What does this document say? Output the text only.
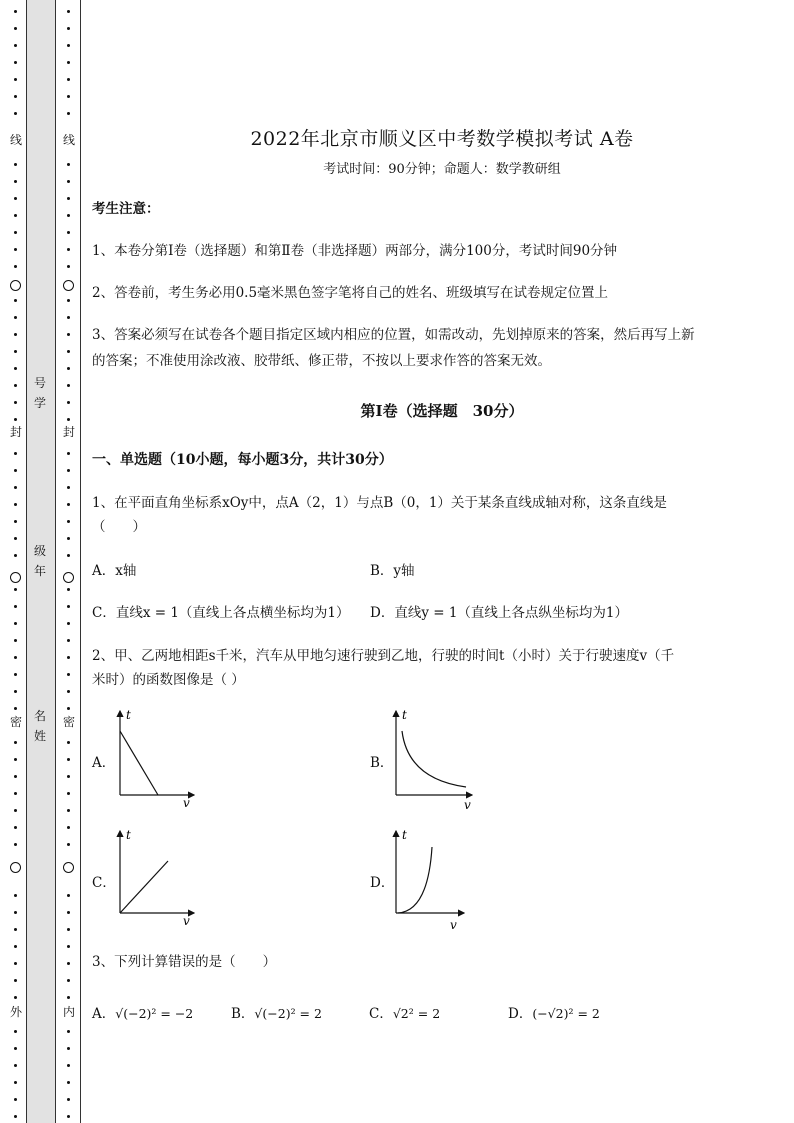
线
封
密
外
线
封
密
内
号
学
级
年
名
姓
2022年北京市顺义区中考数学模拟考试 A卷
考试时间：90分钟；命题人：数学教研组
考生注意：
1、本卷分第I卷（选择题）和第Ⅱ卷（非选择题）两部分，满分100分，考试时间90分钟
2、答卷前，考生务必用0.5毫米黑色签字笔将自己的姓名、班级填写在试卷规定位置上
3、答案必须写在试卷各个题目指定区域内相应的位置，如需改动，先划掉原来的答案，然后再写上新
的答案；不准使用涂改液、胶带纸、修正带，不按以上要求作答的答案无效。
第I卷（选择题　30分）
一、单选题（10小题，每小题3分，共计30分）
1、在平面直角坐标系xOy中，点A（2，1）与点B（0，1）关于某条直线成轴对称，这条直线是
（　　）
A．x轴	B．y轴
C．直线x = 1（直线上各点横坐标均为1） D．直线y = 1（直线上各点纵坐标均为1）
2、甲、乙两地相距s千米，汽车从甲地匀速行驶到乙地，行驶的时间t（小时）关于行驶速度v（千
米时）的函数图像是（ ）
A．	B．
C．	D．
t
v
t
v
t
v
t
v
3、下列计算错误的是（　　）
A．√(−2)² = −2	B．√(−2)² = 2	C．√2² = 2	D．(−√2)² = 2
